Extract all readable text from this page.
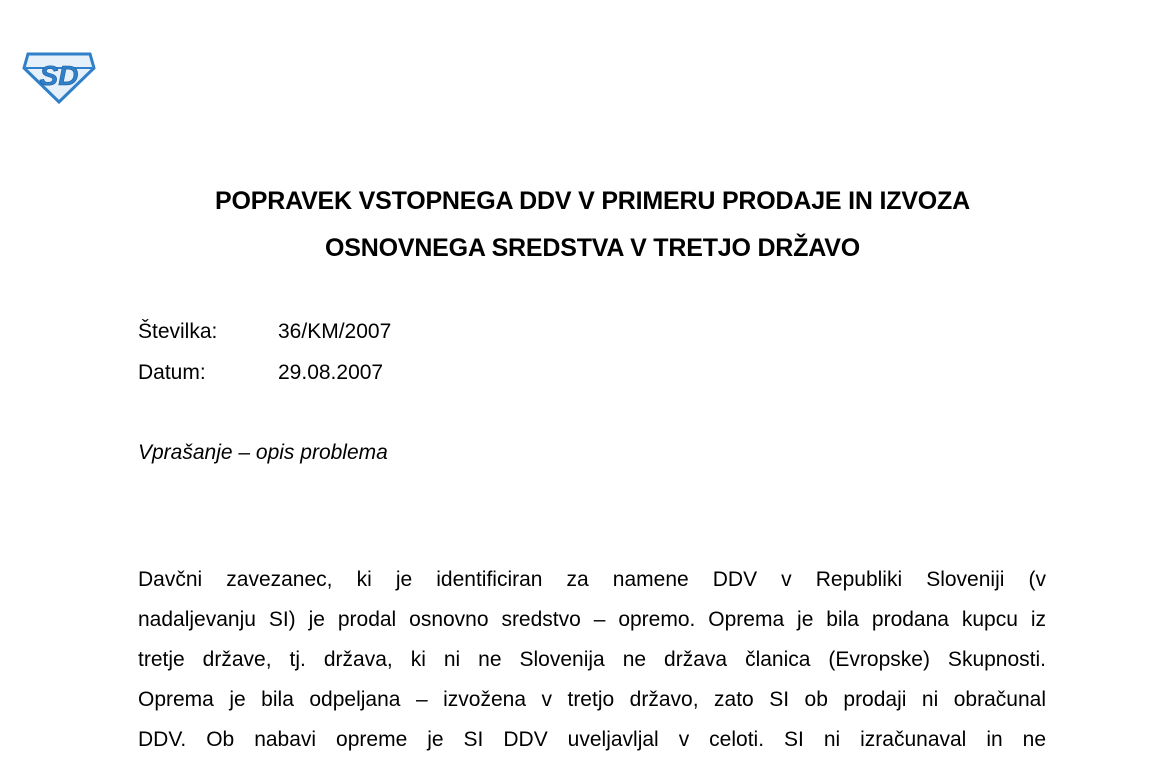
SD
POPRAVEK VSTOPNEGA DDV V PRIMERU PRODAJE IN IZVOZA
OSNOVNEGA SREDSTVA V TRETJO DRŽAVO
Številka:	36/KM/2007
Datum:	29.08.2007
Vprašanje – opis problema
Davčni zavezanec, ki je identificiran za namene DDV v Republiki Sloveniji (v
nadaljevanju SI) je prodal osnovno sredstvo – opremo. Oprema je bila prodana kupcu iz
tretje države, tj. država, ki ni ne Slovenija ne država članica (Evropske) Skupnosti.
Oprema je bila odpeljana – izvožena v tretjo državo, zato SI ob prodaji ni obračunal
DDV. Ob nabavi opreme je SI DDV uveljavljal v celoti. SI ni izračunaval in ne
